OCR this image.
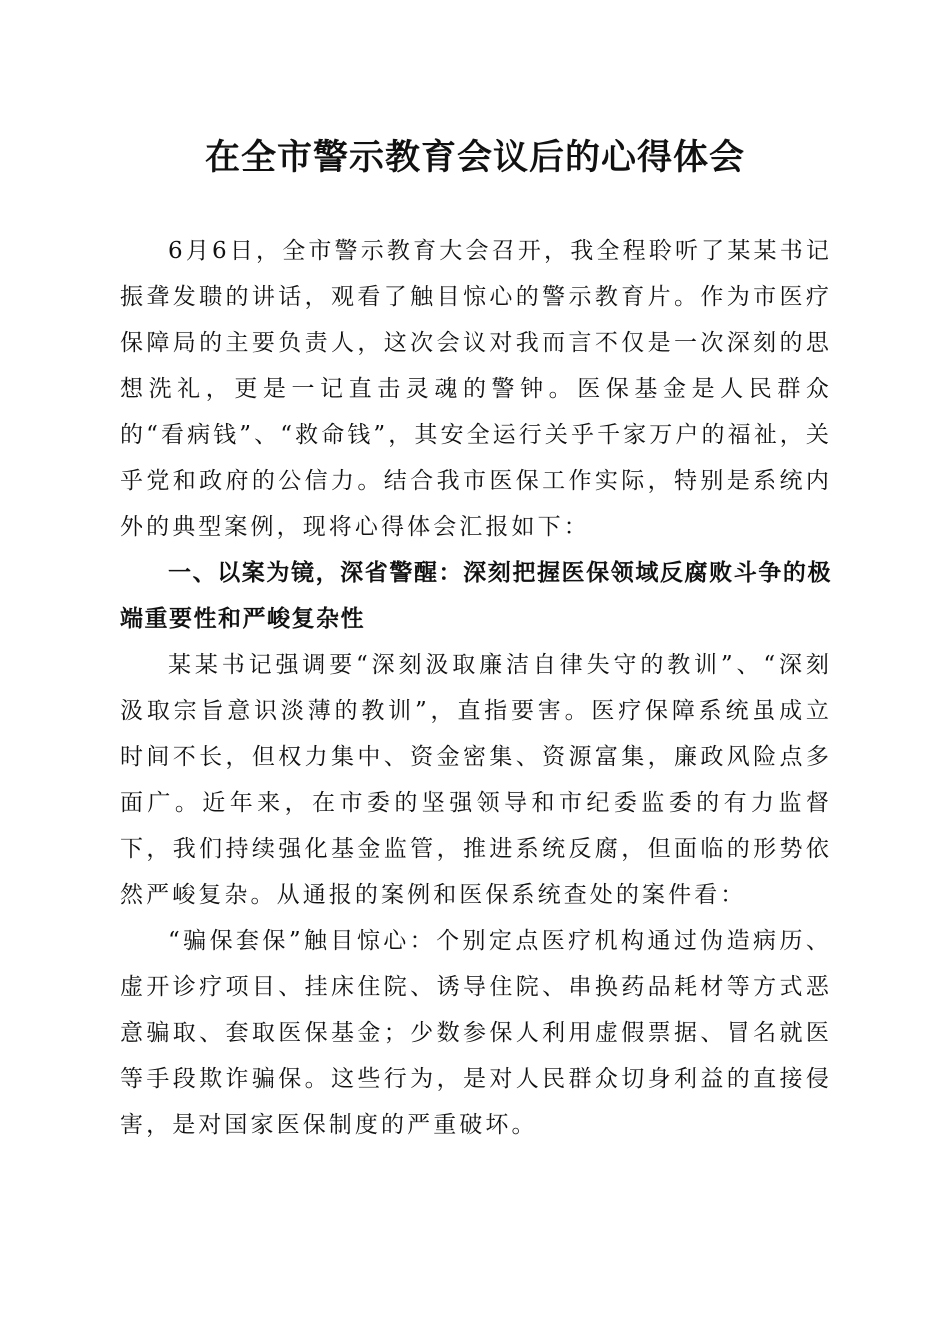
在全市警示教育会议后的心得体会

6月6日，全市警示教育大会召开，我全程聆听了某某书记振聋发聩的讲话，观看了触目惊心的警示教育片。作为市医疗保障局的主要负责人，这次会议对我而言不仅是一次深刻的思想洗礼，更是一记直击灵魂的警钟。医保基金是人民群众的“看病钱”、“救命钱”，其安全运行关乎千家万户的福祉，关乎党和政府的公信力。结合我市医保工作实际，特别是系统内外的典型案例，现将心得体会汇报如下：

一、以案为镜，深省警醒：深刻把握医保领域反腐败斗争的极端重要性和严峻复杂性

某某书记强调要“深刻汲取廉洁自律失守的教训”、“深刻汲取宗旨意识淡薄的教训”，直指要害。医疗保障系统虽成立时间不长，但权力集中、资金密集、资源富集，廉政风险点多面广。近年来，在市委的坚强领导和市纪委监委的有力监督下，我们持续强化基金监管，推进系统反腐，但面临的形势依然严峻复杂。从通报的案例和医保系统查处的案件看：

“骗保套保”触目惊心：个别定点医疗机构通过伪造病历、虚开诊疗项目、挂床住院、诱导住院、串换药品耗材等方式恶意骗取、套取医保基金；少数参保人利用虚假票据、冒名就医等手段欺诈骗保。这些行为，是对人民群众切身利益的直接侵害，是对国家医保制度的严重破坏。
